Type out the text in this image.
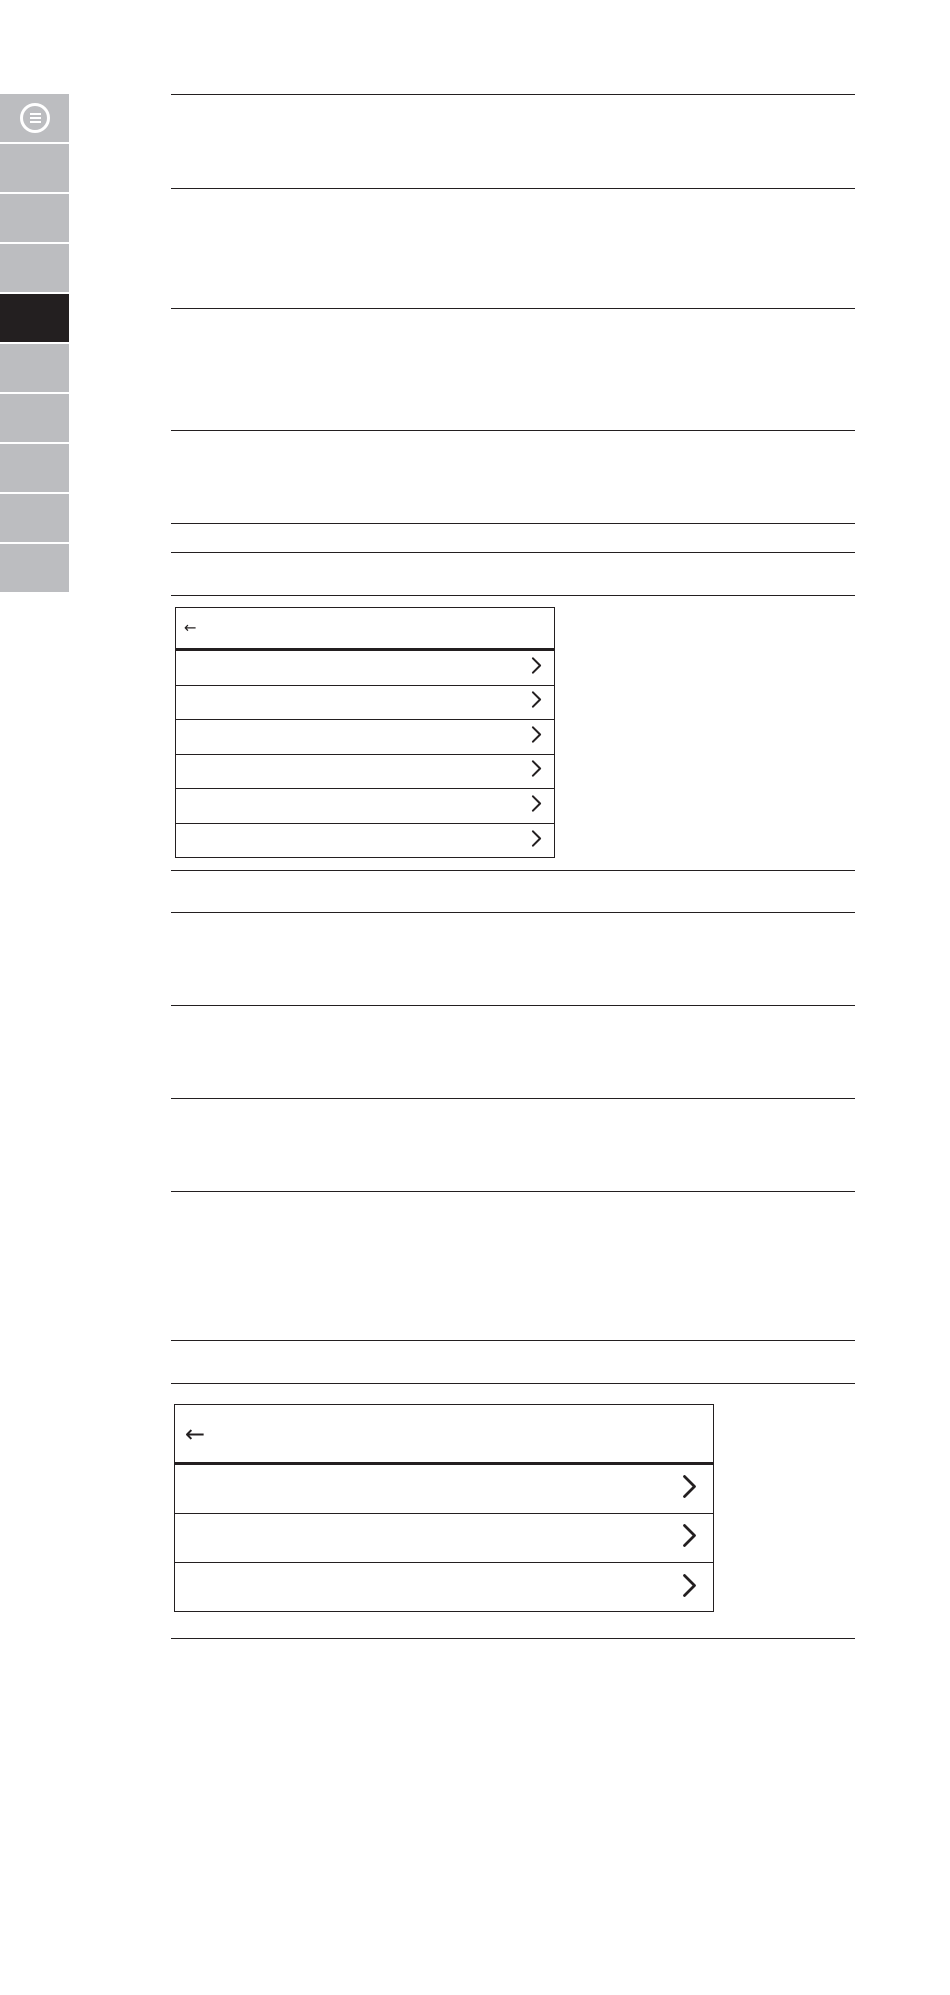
←
←
